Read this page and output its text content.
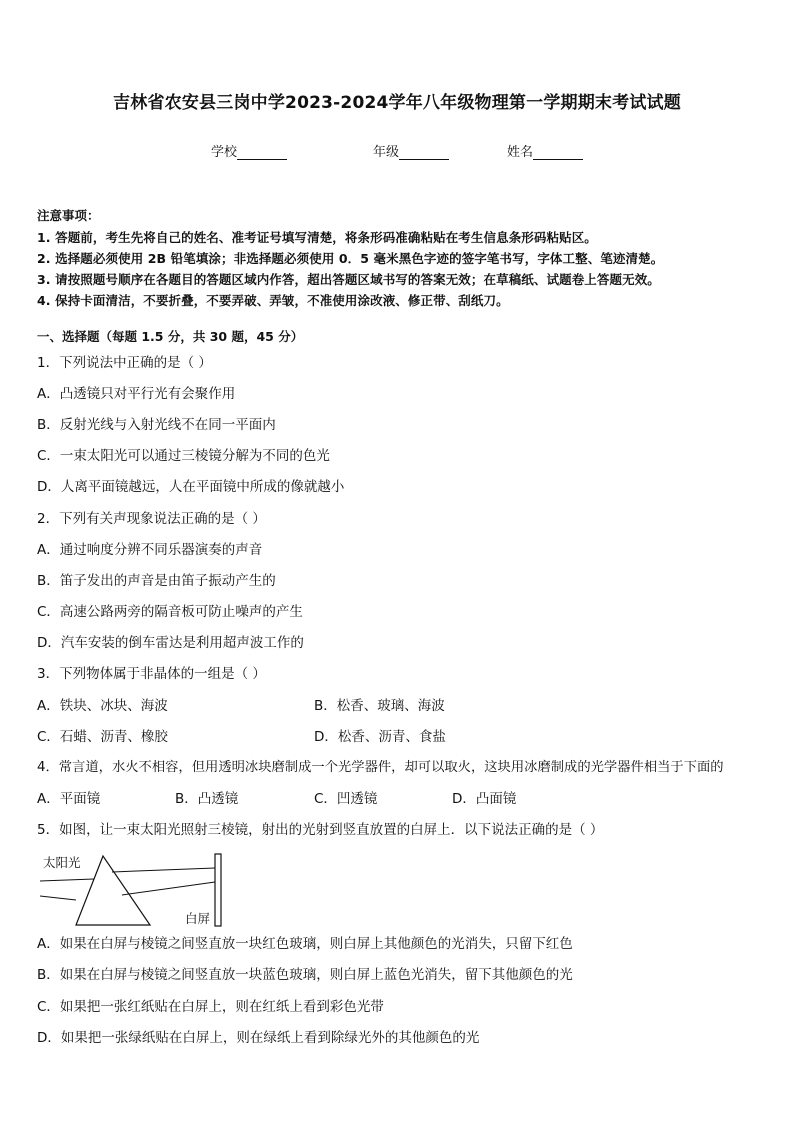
吉林省农安县三岗中学2023-2024学年八年级物理第一学期期末考试试题
学校	年级	姓名
注意事项：
1. 答题前，考生先将自己的姓名、准考证号填写清楚，将条形码准确粘贴在考生信息条形码粘贴区。
2. 选择题必须使用 2B 铅笔填涂；非选择题必须使用 0．5 毫米黑色字迹的签字笔书写，字体工整、笔迹清楚。
3. 请按照题号顺序在各题目的答题区域内作答，超出答题区域书写的答案无效；在草稿纸、试题卷上答题无效。
4. 保持卡面清洁，不要折叠，不要弄破、弄皱，不准使用涂改液、修正带、刮纸刀。
一、选择题（每题 1.5 分，共 30 题，45 分）
1．下列说法中正确的是（ ）
A．凸透镜只对平行光有会聚作用
B．反射光线与入射光线不在同一平面内
C．一束太阳光可以通过三棱镜分解为不同的色光
D．人离平面镜越远，人在平面镜中所成的像就越小
2．下列有关声现象说法正确的是（ ）
A．通过响度分辨不同乐器演奏的声音
B．笛子发出的声音是由笛子振动产生的
C．高速公路两旁的隔音板可防止噪声的产生
D．汽车安装的倒车雷达是利用超声波工作的
3．下列物体属于非晶体的一组是（ ）
A．铁块、冰块、海波	B．松香、玻璃、海波
C．石蜡、沥青、橡胶	D．松香、沥青、食盐
4．常言道，水火不相容，但用透明冰块磨制成一个光学器件，却可以取火，这块用冰磨制成的光学器件相当于下面的
A．平面镜	B．凸透镜	C．凹透镜	D．凸面镜
5．如图，让一束太阳光照射三棱镜，射出的光射到竖直放置的白屏上．以下说法正确的是（ ）
太阳光
白屏
A．如果在白屏与棱镜之间竖直放一块红色玻璃，则白屏上其他颜色的光消失，只留下红色
B．如果在白屏与棱镜之间竖直放一块蓝色玻璃，则白屏上蓝色光消失，留下其他颜色的光
C．如果把一张红纸贴在白屏上，则在红纸上看到彩色光带
D．如果把一张绿纸贴在白屏上，则在绿纸上看到除绿光外的其他颜色的光
